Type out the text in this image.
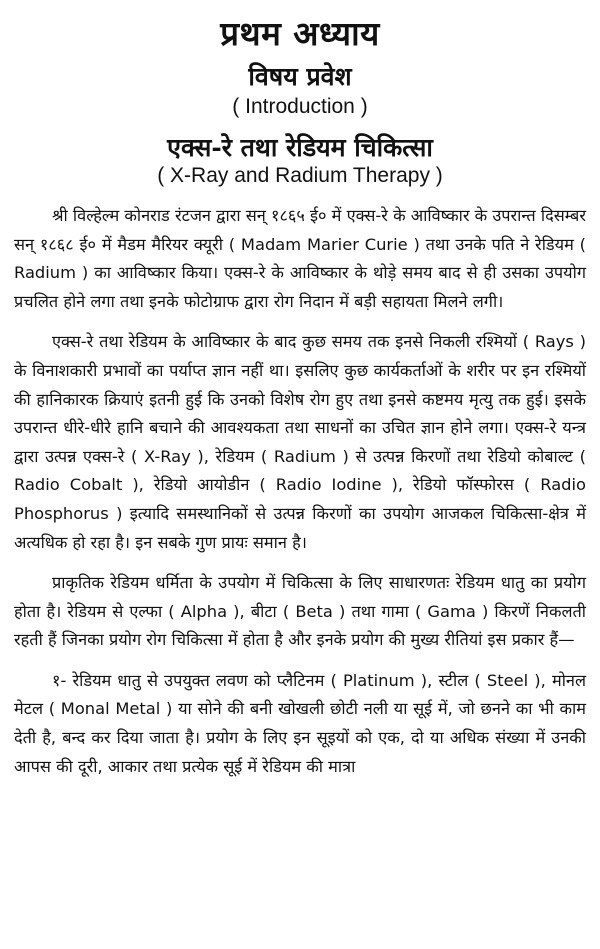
प्रथम अध्याय
विषय प्रवेश
( Introduction )
एक्स-रे तथा रेडियम चिकित्सा
( X-Ray and Radium Therapy )

श्री विल्हेल्म कोनराड रंटजन द्वारा सन् १८६५ ई० में एक्स-रे के आविष्कार के उपरान्त दिसम्बर सन् १८६८ ई० में मैडम मैरियर क्यूरी ( Madam Marier Curie ) तथा उनके पति ने रेडियम ( Radium ) का आविष्कार किया। एक्स-रे के आविष्कार के थोड़े समय बाद से ही उसका उपयोग प्रचलित होने लगा तथा इनके फोटोग्राफ द्वारा रोग निदान में बड़ी सहायता मिलने लगी।

एक्स-रे तथा रेडियम के आविष्कार के बाद कुछ समय तक इनसे निकली रश्मियों ( Rays ) के विनाशकारी प्रभावों का पर्याप्त ज्ञान नहीं था। इसलिए कुछ कार्यकर्ताओं के शरीर पर इन रश्मियों की हानिकारक क्रियाएं इतनी हुई कि उनको विशेष रोग हुए तथा इनसे कष्टमय मृत्यु तक हुई। इसके उपरान्त धीरे-धीरे हानि बचाने की आवश्यकता तथा साधनों का उचित ज्ञान होने लगा। एक्स-रे यन्त्र द्वारा उत्पन्न एक्स-रे ( X-Ray ), रेडियम ( Radium ) से उत्पन्न किरणों तथा रेडियो कोबाल्ट ( Radio Cobalt ), रेडियो आयोडीन ( Radio Iodine ), रेडियो फॉस्फोरस ( Radio Phosphorus ) इत्यादि समस्थानिकों से उत्पन्न किरणों का उपयोग आजकल चिकित्सा-क्षेत्र में अत्यधिक हो रहा है। इन सबके गुण प्रायः समान है।

प्राकृतिक रेडियम धर्मिता के उपयोग में चिकित्सा के लिए साधारणतः रेडियम धातु का प्रयोग होता है। रेडियम से एल्फा ( Alpha ), बीटा ( Beta ) तथा गामा ( Gama ) किरणें निकलती रहती हैं जिनका प्रयोग रोग चिकित्सा में होता है और इनके प्रयोग की मुख्य रीतियां इस प्रकार हैं—

१- रेडियम धातु से उपयुक्त लवण को प्लैटिनम ( Platinum ), स्टील ( Steel ), मोनल मेटल ( Monal Metal ) या सोने की बनी खोखली छोटी नली या सूई में, जो छनने का भी काम देती है, बन्द कर दिया जाता है। प्रयोग के लिए इन सूइयों को एक, दो या अधिक संख्या में उनकी आपस की दूरी, आकार तथा प्रत्येक सूई में रेडियम की मात्रा
